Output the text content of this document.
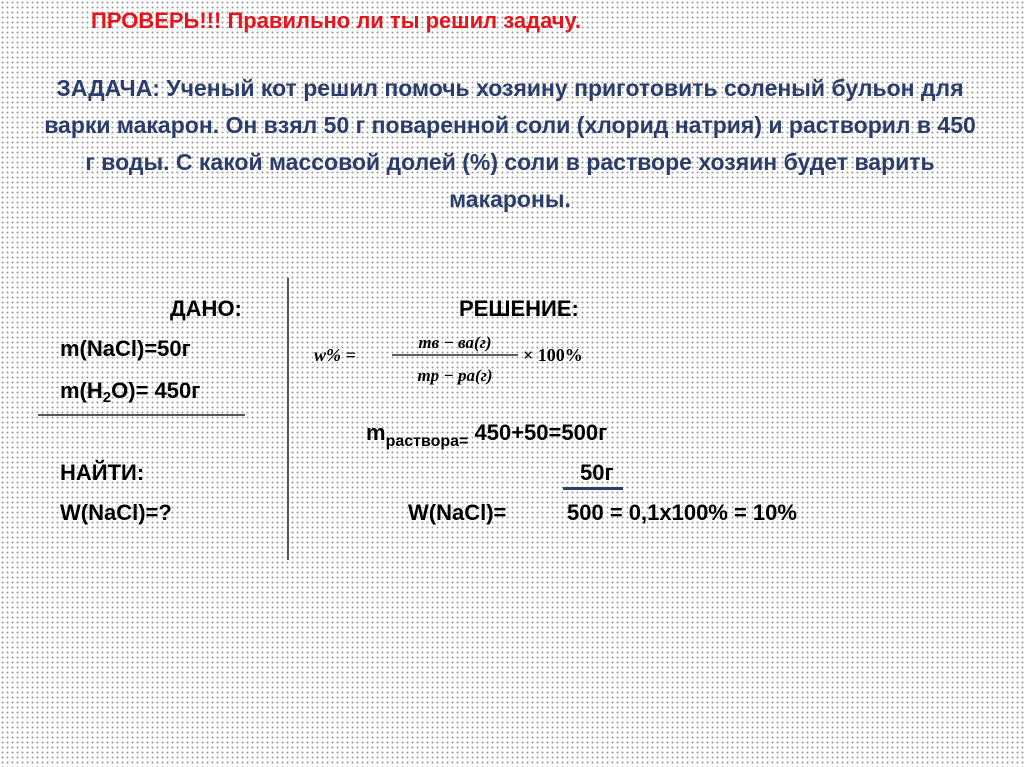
ПРОВЕРЬ!!! Правильно ли ты решил задачу.
ЗАДАЧА: Ученый кот решил помочь хозяину приготовить соленый бульон для варки макарон. Он взял 50 г поваренной соли (хлорид натрия) и растворил в 450 г воды. С какой массовой долей (%) соли в растворе хозяин будет варить макароны.
ДАНО:
m(NaCl)=50г
$m(H_2O)= 450г$
НАЙТИ:
W(NaCl)=?
РЕШЕНИЕ:
w% =
mв − ва(г)
mр − ра(г)
× 100%
$m_{раствора=}$ 450+50=500г
50г
W(NaCl)=	500 = 0,1х100% = 10%
